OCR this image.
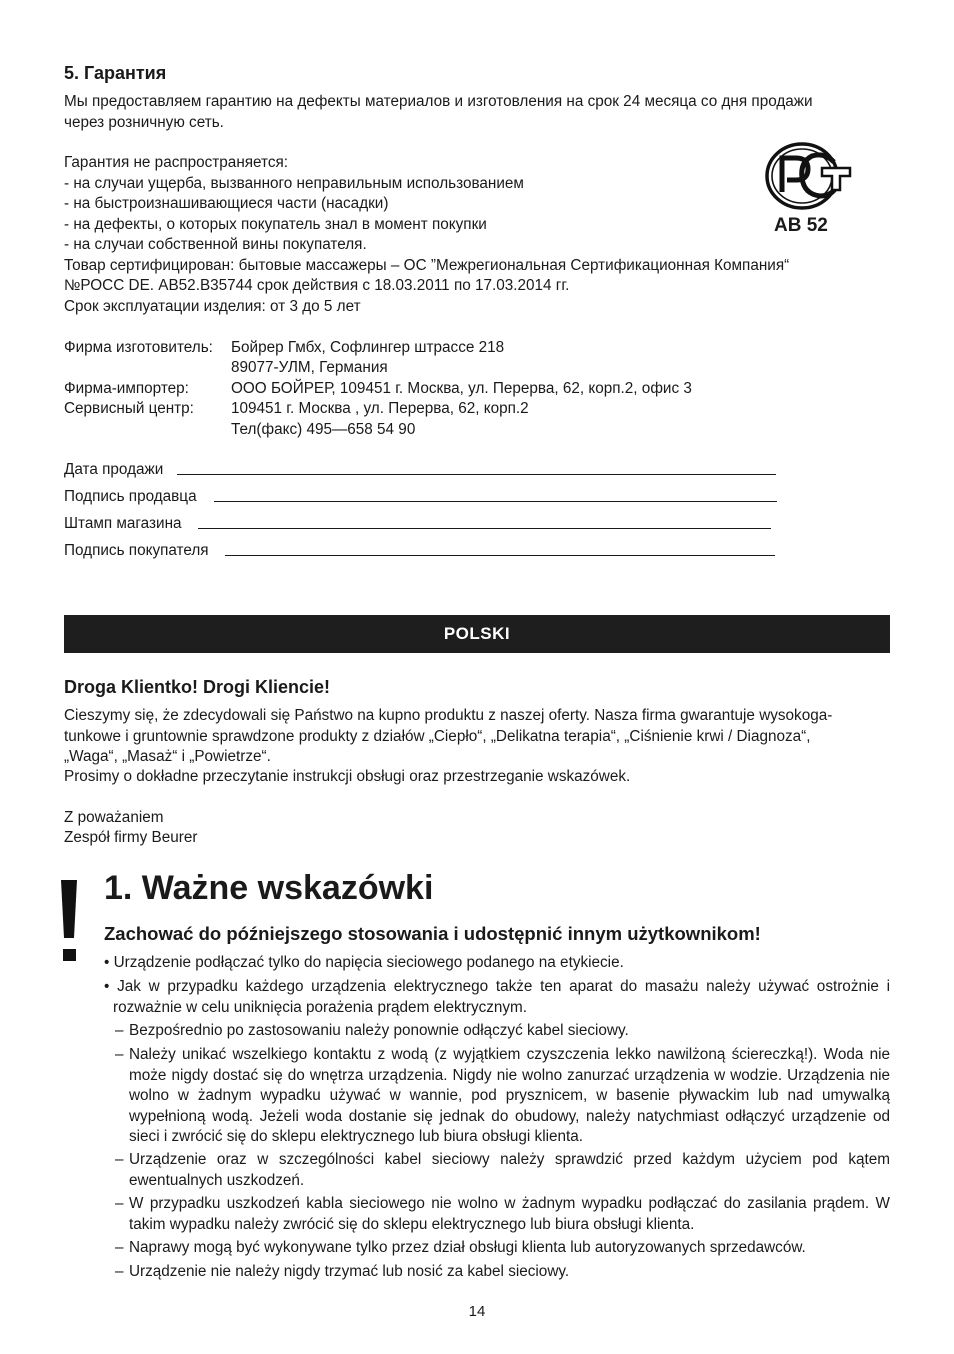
5. Гарантия
Мы предоставляем гарантию на дефекты материалов и изготовления на срок 24 месяца со дня продажи
через розничную сеть.
Гарантия не распространяется:
- на случаи ущерба, вызванного неправильным использованием
- на быстроизнашивающиеся части (насадки)
- на дефекты, о которых покупатель знал в момент покупки
- на случаи собственной вины покупателя.
Товар сертифицирован: бытовые массажеры – ОС ”Межрегиональная Сертификационная Компания“
№РОСС DE. АВ52.В35744 срок действия с 18.03.2011 по 17.03.2014 гг.
Срок эксплуатации изделия: от 3 до 5 лет
AB 52
Фирма изготовитель: Бойрер Гмбх, Софлингер штрассе 218
89077-УЛМ, Германия
Фирма-импортер:	ООО БОЙРЕР, 109451 г. Москва, ул. Перерва, 62, корп.2, офис 3
Сервисный центр: 109451 г. Москва , ул. Перерва, 62, корп.2
Тел(факс) 495—658 54 90
Дата продажи
Подпись продавца
Штамп магазина
Подпись покупателя
POLSKI
Droga Klientko! Drogi Kliencie!
Cieszymy się, że zdecydowali się Państwo na kupno produktu z naszej oferty. Nasza firma gwarantuje wysokoga-
tunkowe i gruntownie sprawdzone produkty z działów „Ciepło“, „Delikatna terapia“, „Ciśnienie krwi / Diagnoza“,
„Waga“, „Masaż“ i „Powietrze“.
Prosimy o dokładne przeczytanie instrukcji obsługi oraz przestrzeganie wskazówek.
Z poważaniem
Zespół firmy Beurer
1. Ważne wskazówki
Zachować do późniejszego stosowania i udostępnić innym użytkownikom!
• Urządzenie podłączać tylko do napięcia sieciowego podanego na etykiecie.
• Jak w przypadku każdego urządzenia elektrycznego także ten aparat do masażu należy używać ostrożnie i rozważnie w celu uniknięcia porażenia prądem elektrycznym.
– Bezpośrednio po zastosowaniu należy ponownie odłączyć kabel sieciowy.
– Należy unikać wszelkiego kontaktu z wodą (z wyjątkiem czyszczenia lekko nawilżoną ściereczką!). Woda nie może nigdy dostać się do wnętrza urządzenia. Nigdy nie wolno zanurzać urządzenia w wodzie. Urządzenia nie wolno w żadnym wypadku używać w wannie, pod prysznicem, w basenie pływackim lub nad umywalką wypełnioną wodą. Jeżeli woda dostanie się jednak do obudowy, należy natychmiast odłączyć urządzenie od sieci i zwrócić się do sklepu elektrycznego lub biura obsługi klienta.
– Urządzenie oraz w szczególności kabel sieciowy należy sprawdzić przed każdym użyciem pod kątem ewentualnych uszkodzeń.
– W przypadku uszkodzeń kabla sieciowego nie wolno w żadnym wypadku podłączać do zasilania prądem. W takim wypadku należy zwrócić się do sklepu elektrycznego lub biura obsługi klienta.
– Naprawy mogą być wykonywane tylko przez dział obsługi klienta lub autoryzowanych sprzedawców.
– Urządzenie nie należy nigdy trzymać lub nosić za kabel sieciowy.
14
